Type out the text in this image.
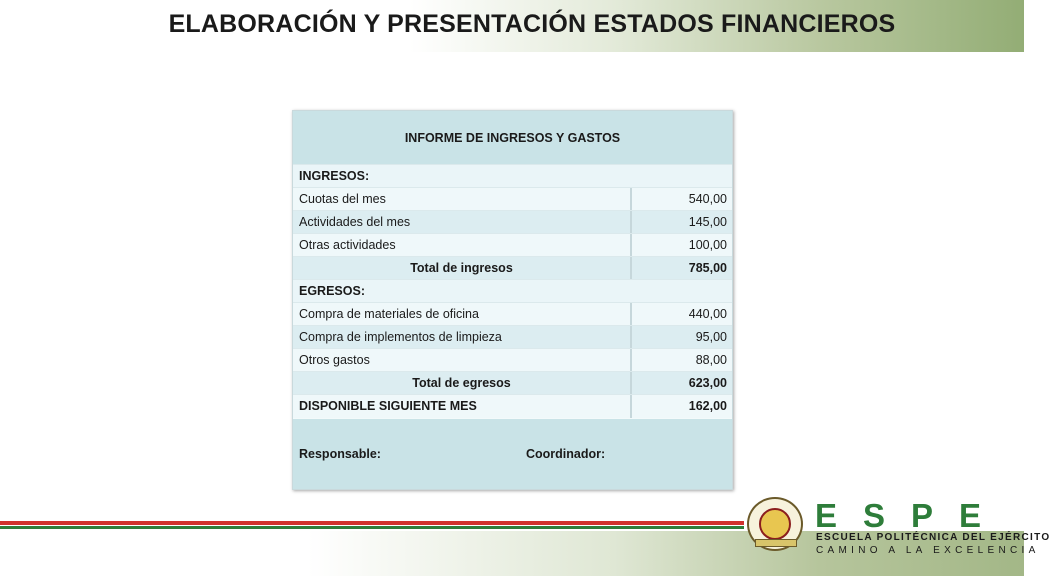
ELABORACIÓN Y PRESENTACIÓN ESTADOS FINANCIEROS
INFORME DE INGRESOS Y GASTOS
INGRESOS:
Cuotas del mes	540,00
Actividades del mes	145,00
Otras actividades	100,00
Total de ingresos	785,00
EGRESOS:
Compra de materiales de oficina	440,00
Compra de implementos de limpieza	95,00
Otros gastos	88,00
Total de egresos	623,00
DISPONIBLE SIGUIENTE MES	162,00
Responsable:	Coordinador:
ESPE
ESCUELA POLITÉCNICA DEL EJÉRCITO
CAMINO A LA EXCELENCIA
